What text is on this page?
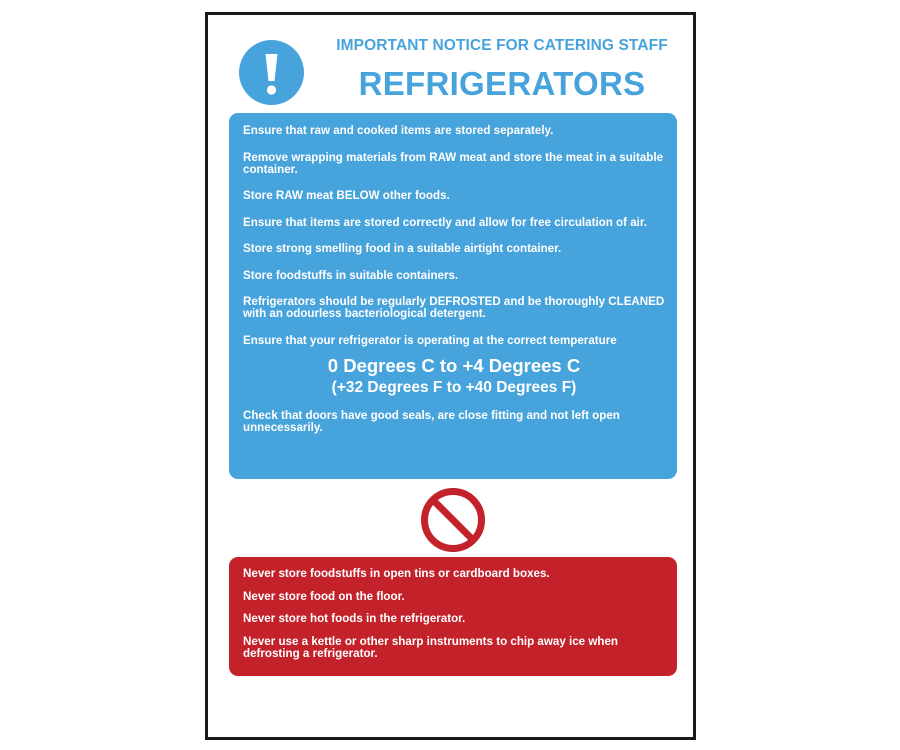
IMPORTANT NOTICE FOR CATERING STAFF
REFRIGERATORS

Ensure that raw and cooked items are stored separately.

Remove wrapping materials from RAW meat and store the meat in a suitable container.

Store RAW meat BELOW other foods.

Ensure that items are stored correctly and allow for free circulation of air.

Store strong smelling food in a suitable airtight container.

Store foodstuffs in suitable containers.

Refrigerators should be regularly DEFROSTED and be thoroughly CLEANED with an odourless bacteriological detergent.

Ensure that your refrigerator is operating at the correct temperature

0 Degrees C to +4 Degrees C
(+32 Degrees F to +40 Degrees F)

Check that doors have good seals, are close fitting and not left open unnecessarily.

Never store foodstuffs in open tins or cardboard boxes.

Never store food on the floor.

Never store hot foods in the refrigerator.

Never use a kettle or other sharp instruments to chip away ice when defrosting a refrigerator.
